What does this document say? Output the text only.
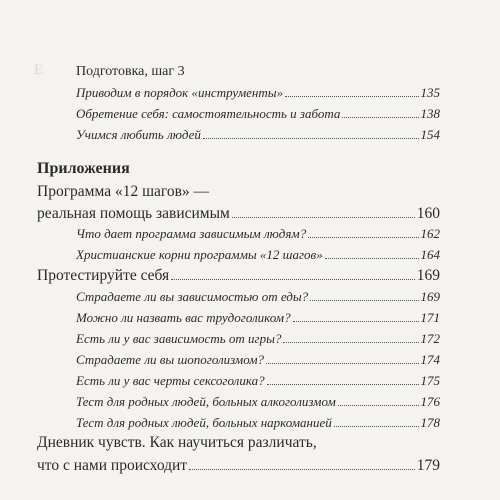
Е Подготовка, шаг 3
Приводим в порядок «инструменты»	135
Обретение себя: самостоятельность и забота	138
Учимся любить людей	154
Приложения
Программа «12 шагов» —
реальная помощь зависимым	160
Что дает программа зависимым людям?	162
Христианские корни программы «12 шагов»	164
Протестируйте себя	169
Страдаете ли вы зависимостью от еды?	169
Можно ли назвать вас трудоголиком?	171
Есть ли у вас зависимость от игры?	172
Страдаете ли вы шопоголизмом?	174
Есть ли у вас черты сексоголика?	175
Тест для родных людей, больных алкоголизмом	176
Тест для родных людей, больных наркоманией	178
Дневник чувств. Как научиться различать,
что с нами происходит	179
